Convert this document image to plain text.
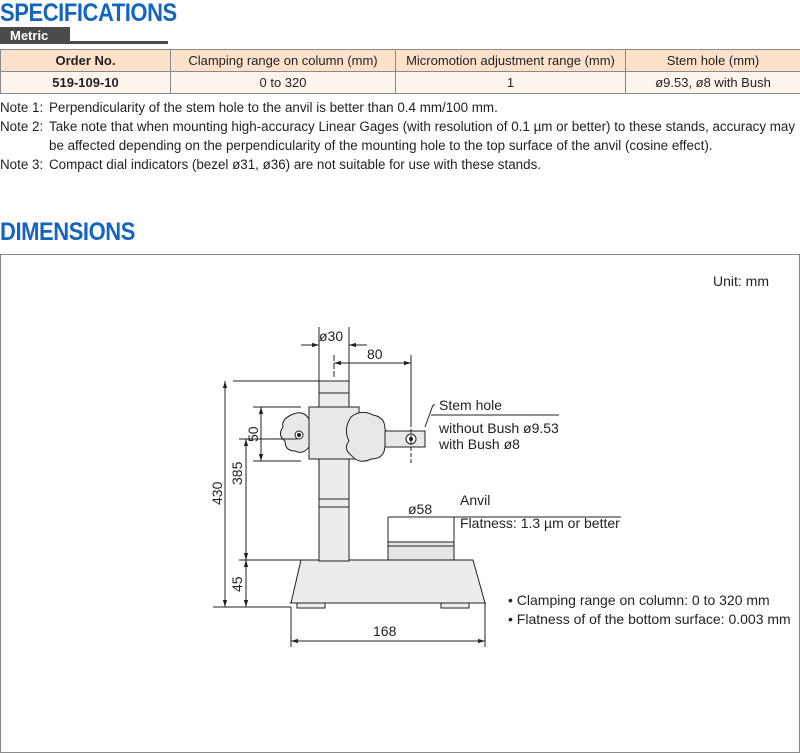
SPECIFICATIONS
Metric
Order No.	Clamping range on column (mm)	Micromotion adjustment range (mm)	Stem hole (mm)
519-109-10	0 to 320	1	ø9.53, ø8 with Bush
Note 1: Perpendicularity of the stem hole to the anvil is better than 0.4 mm/100 mm.
Note 2: Take note that when mounting high-accuracy Linear Gages (with resolution of 0.1 µm or better) to these stands, accuracy may be affected depending on the perpendicularity of the mounting hole to the top surface of the anvil (cosine effect).
Note 3: Compact dial indicators (bezel ø31, ø36) are not suitable for use with these stands.
DIMENSIONS
Unit: mm
ø30
80
50
430
385
45
168
ø58
Stem hole
without Bush ø9.53
with Bush ø8
Anvil
Flatness: 1.3 µm or better
• Clamping range on column: 0 to 320 mm
• Flatness of of the bottom surface: 0.003 mm
